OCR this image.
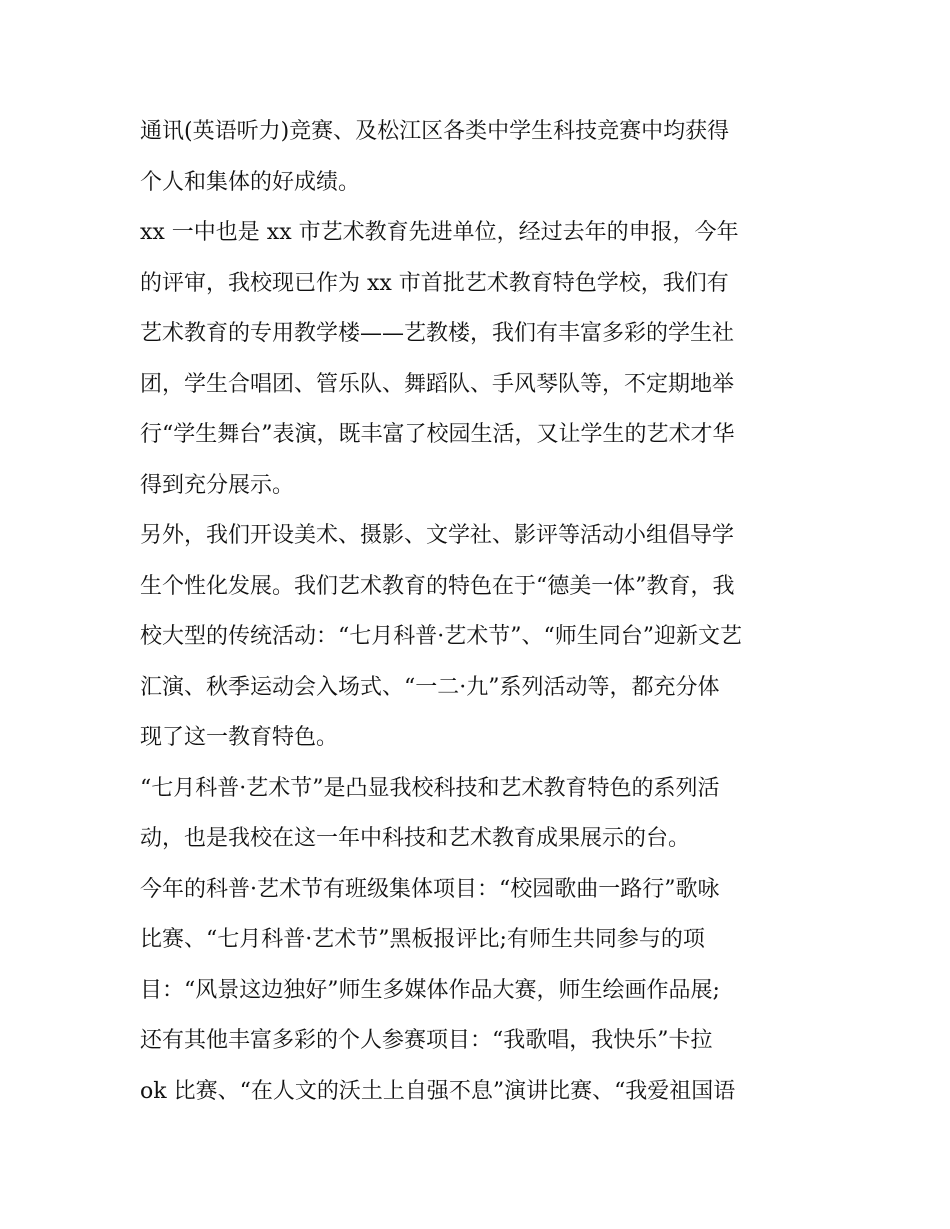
通讯(英语听力)竞赛、及松江区各类中学生科技竞赛中均获得
个人和集体的好成绩。
xx 一中也是 xx 市艺术教育先进单位，经过去年的申报，今年
的评审，我校现已作为 xx 市首批艺术教育特色学校，我们有
艺术教育的专用教学楼——艺教楼，我们有丰富多彩的学生社
团，学生合唱团、管乐队、舞蹈队、手风琴队等，不定期地举
行“学生舞台”表演，既丰富了校园生活，又让学生的艺术才华
得到充分展示。
另外，我们开设美术、摄影、文学社、影评等活动小组倡导学
生个性化发展。我们艺术教育的特色在于“德美一体”教育，我
校大型的传统活动：“七月科普·艺术节”、“师生同台”迎新文艺
汇演、秋季运动会入场式、“一二·九”系列活动等，都充分体
现了这一教育特色。
“七月科普·艺术节”是凸显我校科技和艺术教育特色的系列活
动，也是我校在这一年中科技和艺术教育成果展示的台。
今年的科普·艺术节有班级集体项目：“校园歌曲一路行”歌咏
比赛、“七月科普·艺术节”黑板报评比;有师生共同参与的项
目：“风景这边独好”师生多媒体作品大赛，师生绘画作品展;
还有其他丰富多彩的个人参赛项目：“我歌唱，我快乐”卡拉
ok 比赛、“在人文的沃土上自强不息”演讲比赛、“我爱祖国语
